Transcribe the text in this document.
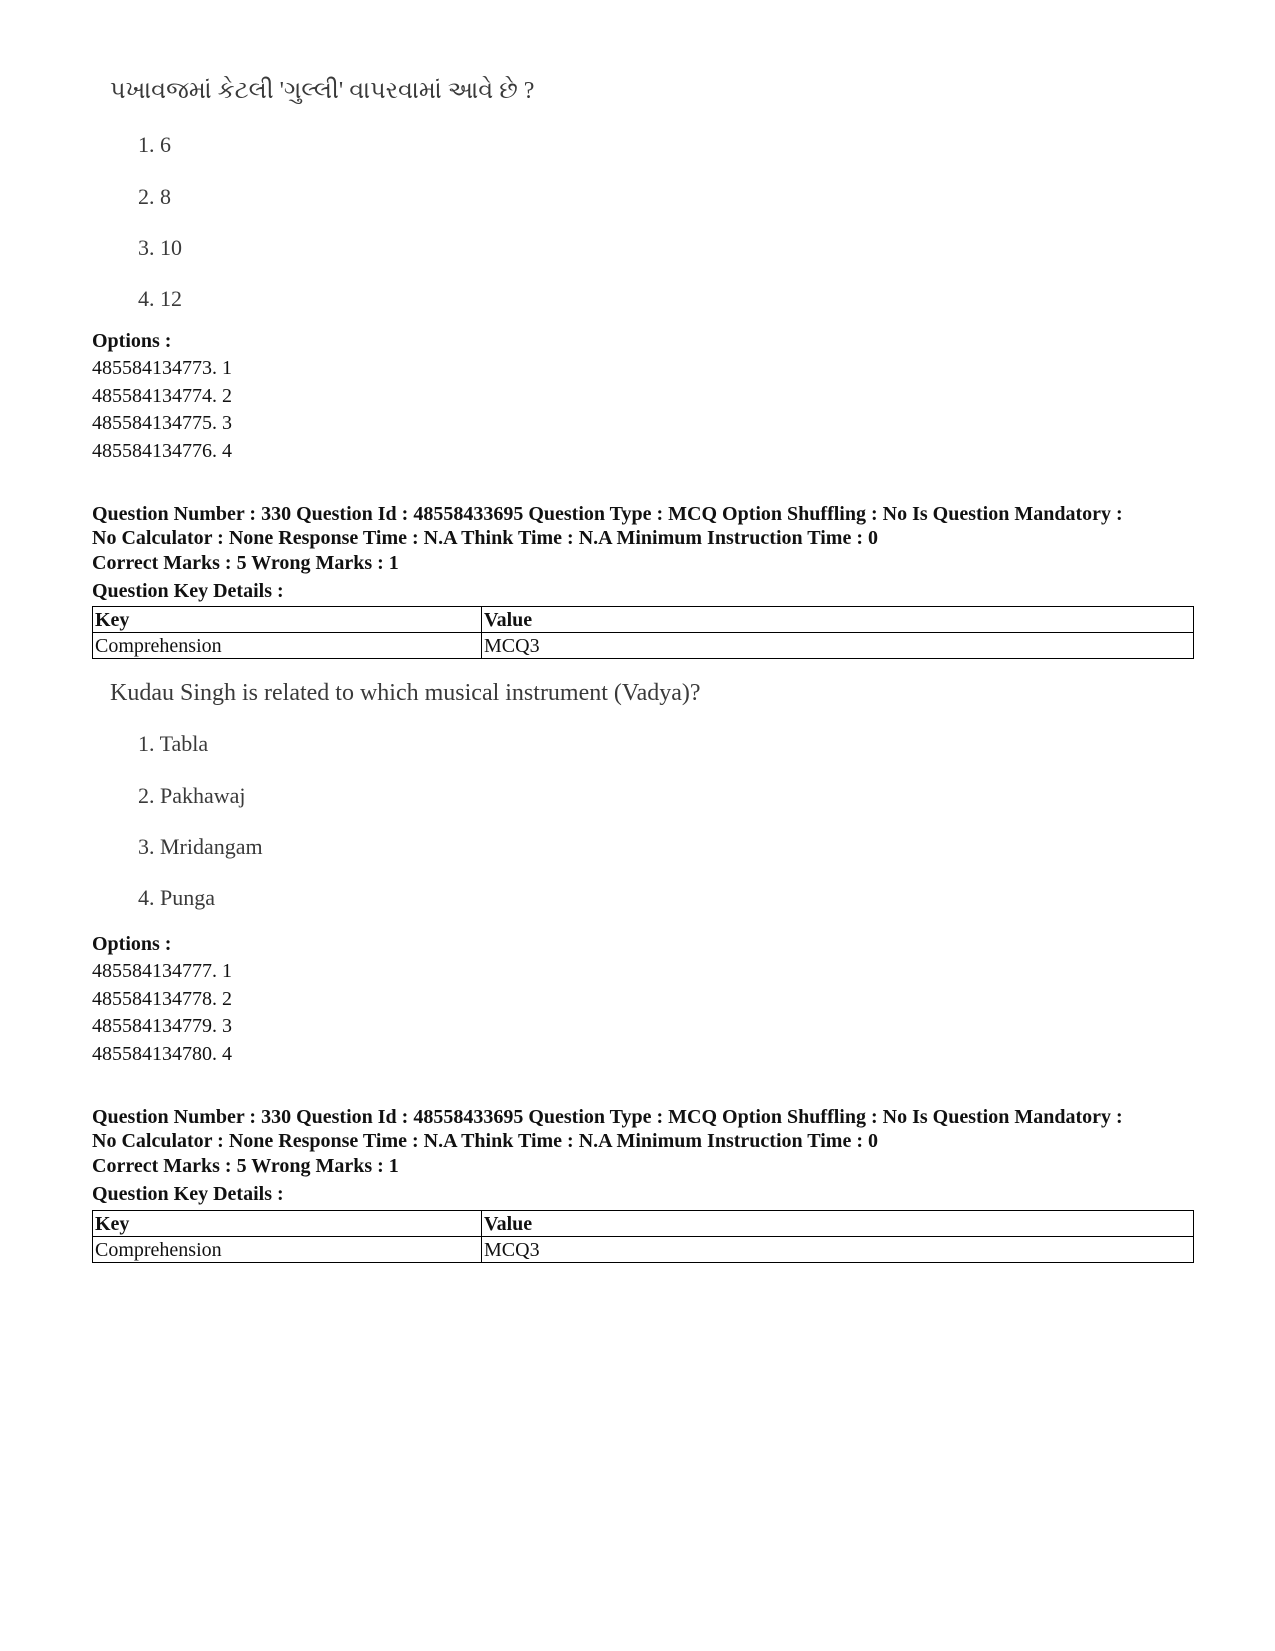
પખાવજમાં કેટલી 'ગુલ્લી' વાપરવામાં આવે છે ?
1. 6
2. 8
3. 10
4. 12
Options :
485584134773. 1
485584134774. 2
485584134775. 3
485584134776. 4
Question Number : 330 Question Id : 48558433695 Question Type : MCQ Option Shuffling : No Is Question Mandatory :
No Calculator : None Response Time : N.A Think Time : N.A Minimum Instruction Time : 0
Correct Marks : 5 Wrong Marks : 1
Question Key Details :
Key	Value
Comprehension	MCQ3
Kudau Singh is related to which musical instrument (Vadya)?
1. Tabla
2. Pakhawaj
3. Mridangam
4. Punga
Options :
485584134777. 1
485584134778. 2
485584134779. 3
485584134780. 4
Question Number : 330 Question Id : 48558433695 Question Type : MCQ Option Shuffling : No Is Question Mandatory :
No Calculator : None Response Time : N.A Think Time : N.A Minimum Instruction Time : 0
Correct Marks : 5 Wrong Marks : 1
Question Key Details :
Key	Value
Comprehension	MCQ3
